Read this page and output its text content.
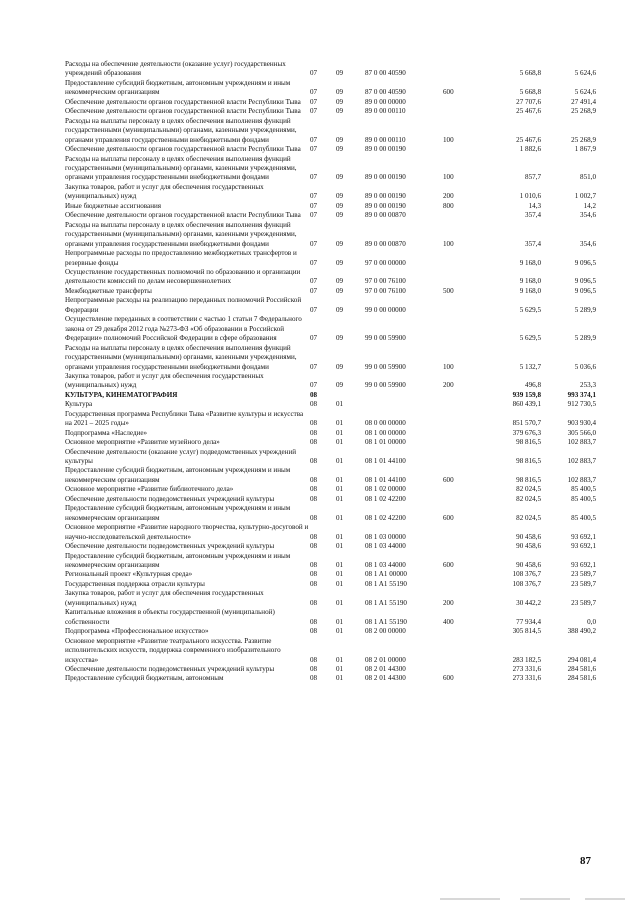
Расходы на обеспечение деятельности (оказание услуг) государственных учреждений образования	07	09	87 0 00 40590		5 668,8	5 624,6
Предоставление субсидий бюджетным, автономным учреждениям и иным некоммерческим организациям	07	09	87 0 00 40590	600	5 668,8	5 624,6
Обеспечение деятельности органов государственной власти Республики Тыва	07	09	89 0 00 00000		27 707,6	27 491,4
Обеспечение деятельности органов государственной власти Республики Тыва	07	09	89 0 00 00110		25 467,6	25 268,9
Расходы на выплаты персоналу в целях обеспечения выполнения функций государственными (муниципальными) органами, казенными учреждениями, органами управления государственными внебюджетными фондами	07	09	89 0 00 00110	100	25 467,6	25 268,9
Обеспечение деятельности органов государственной власти Республики Тыва	07	09	89 0 00 00190		1 882,6	1 867,9
Расходы на выплаты персоналу в целях обеспечения выполнения функций государственными (муниципальными) органами, казенными учреждениями, органами управления государственными внебюджетными фондами	07	09	89 0 00 00190	100	857,7	851,0
Закупка товаров, работ и услуг для обеспечения государственных (муниципальных) нужд	07	09	89 0 00 00190	200	1 010,6	1 002,7
Иные бюджетные ассигнования	07	09	89 0 00 00190	800	14,3	14,2
Обеспечение деятельности органов государственной власти Республики Тыва	07	09	89 0 00 00870		357,4	354,6
Расходы на выплаты персоналу в целях обеспечения выполнения функций государственными (муниципальными) органами, казенными учреждениями, органами управления государственными внебюджетными фондами	07	09	89 0 00 00870	100	357,4	354,6
Непрограммные расходы по предоставлению межбюджетных трансфертов и резервные фонды	07	09	97 0 00 00000		9 168,0	9 096,5
Осуществление государственных полномочий по образованию и организации деятельности комиссий по делам несовершеннолетних	07	09	97 0 00 76100		9 168,0	9 096,5
Межбюджетные трансферты	07	09	97 0 00 76100	500	9 168,0	9 096,5
Непрограммные расходы на реализацию переданных полномочий Российской Федерации	07	09	99 0 00 00000		5 629,5	5 289,9
Осуществление переданных в соответствии с частью 1 статьи 7 Федерального закона от 29 декабря 2012 года №273-ФЗ «Об образовании в Российской Федерации» полномочий Российской Федерации в сфере образования	07	09	99 0 00 59900		5 629,5	5 289,9
Расходы на выплаты персоналу в целях обеспечения выполнения функций государственными (муниципальными) органами, казенными учреждениями, органами управления государственными внебюджетными фондами	07	09	99 0 00 59900	100	5 132,7	5 036,6
Закупка товаров, работ и услуг для обеспечения государственных (муниципальных) нужд	07	09	99 0 00 59900	200	496,8	253,3
КУЛЬТУРА, КИНЕМАТОГРАФИЯ	08				939 159,8	993 374,1
Культура	08	01			860 439,1	912 730,5
Государственная программа Республики Тыва «Развитие культуры и искусства на 2021 – 2025 годы»	08	01	08 0 00 00000		851 570,7	903 930,4
Подпрограмма «Наследие»	08	01	08 1 00 00000		379 676,3	305 566,0
Основное мероприятие «Развитие музейного дела»	08	01	08 1 01 00000		98 816,5	102 883,7
Обеспечение деятельности (оказание услуг) подведомственных учреждений культуры	08	01	08 1 01 44100		98 816,5	102 883,7
Предоставление субсидий бюджетным, автономным учреждениям и иным некоммерческим организациям	08	01	08 1 01 44100	600	98 816,5	102 883,7
Основное мероприятие «Развитие библиотечного дела»	08	01	08 1 02 00000		82 024,5	85 400,5
Обеспечение деятельности подведомственных учреждений культуры	08	01	08 1 02 42200		82 024,5	85 400,5
Предоставление субсидий бюджетным, автономным учреждениям и иным некоммерческим организациям	08	01	08 1 02 42200	600	82 024,5	85 400,5
Основное мероприятие «Развитие народного творчества, культурно-досуговой и научно-исследовательской деятельности»	08	01	08 1 03 00000		90 458,6	93 692,1
Обеспечение деятельности подведомственных учреждений культуры	08	01	08 1 03 44000		90 458,6	93 692,1
Предоставление субсидий бюджетным, автономным учреждениям и иным некоммерческим организациям	08	01	08 1 03 44000	600	90 458,6	93 692,1
Региональный проект «Культурная среда»	08	01	08 1 A1 00000		108 376,7	23 589,7
Государственная поддержка отрасли культуры	08	01	08 1 A1 55190		108 376,7	23 589,7
Закупка товаров, работ и услуг для обеспечения государственных (муниципальных) нужд	08	01	08 1 A1 55190	200	30 442,2	23 589,7
Капитальные вложения в объекты государственной (муниципальной) собственности	08	01	08 1 A1 55190	400	77 934,4	0,0
Подпрограмма «Профессиональное искусство»	08	01	08 2 00 00000		305 814,5	388 490,2
Основное мероприятие «Развитие театрального искусства. Развитие исполнительских искусств, поддержка современного изобразительного искусства»	08	01	08 2 01 00000		283 182,5	294 081,4
Обеспечение деятельности подведомственных учреждений культуры	08	01	08 2 01 44300		273 331,6	284 581,6
Предоставление субсидий бюджетным, автономным	08	01	08 2 01 44300	600	273 331,6	284 581,6
87
